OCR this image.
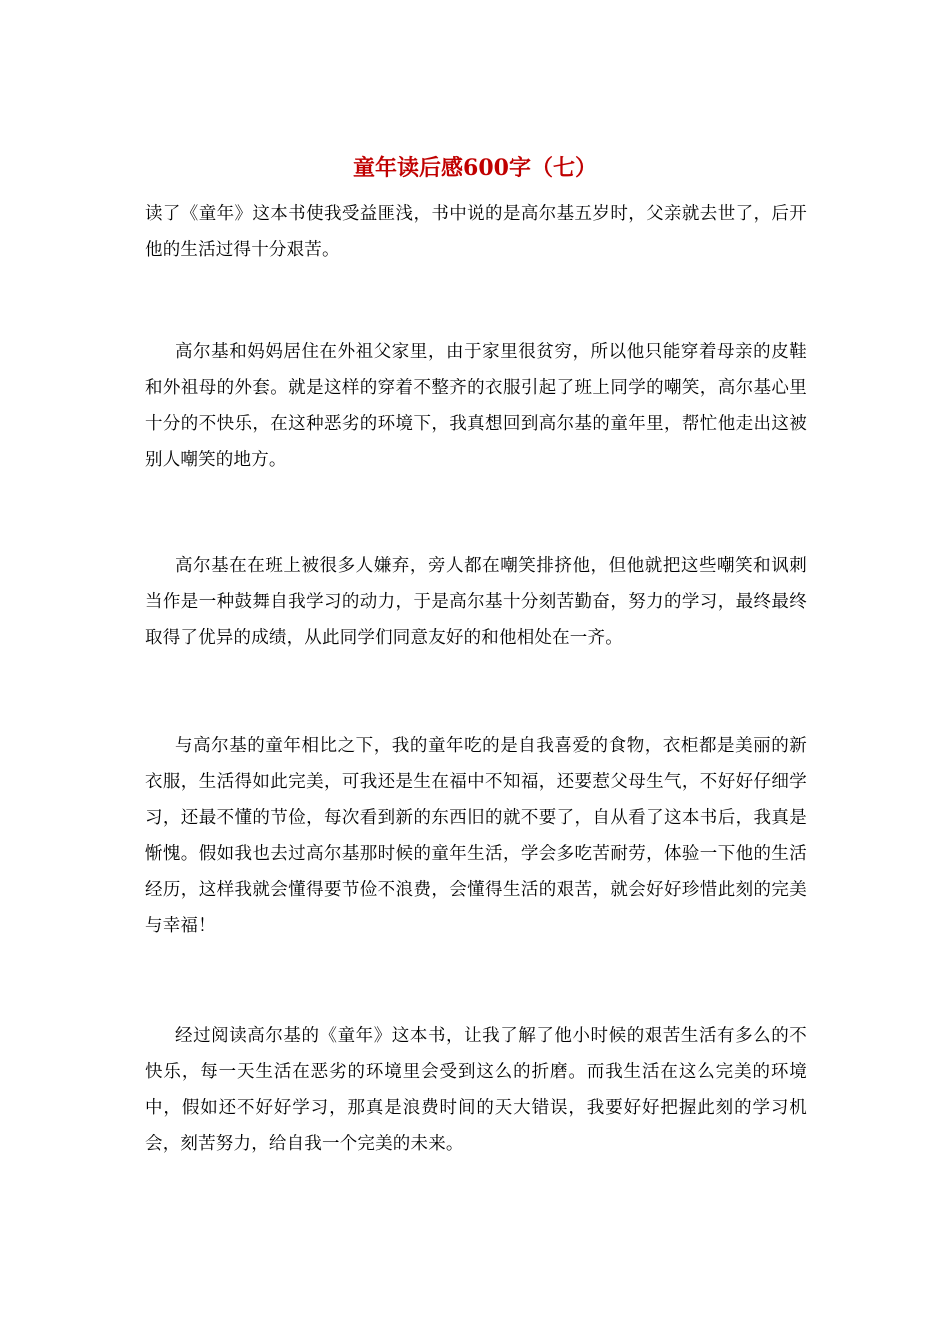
童年读后感600字（七）

读了《童年》这本书使我受益匪浅，书中说的是高尔基五岁时，父亲就去世了，后开他的生活过得十分艰苦。

高尔基和妈妈居住在外祖父家里，由于家里很贫穷，所以他只能穿着母亲的皮鞋和外祖母的外套。就是这样的穿着不整齐的衣服引起了班上同学的嘲笑，高尔基心里十分的不快乐，在这种恶劣的环境下，我真想回到高尔基的童年里，帮忙他走出这被别人嘲笑的地方。

高尔基在在班上被很多人嫌弃，旁人都在嘲笑排挤他，但他就把这些嘲笑和讽刺当作是一种鼓舞自我学习的动力，于是高尔基十分刻苦勤奋，努力的学习，最终最终取得了优异的成绩，从此同学们同意友好的和他相处在一齐。

与高尔基的童年相比之下，我的童年吃的是自我喜爱的食物，衣柜都是美丽的新衣服，生活得如此完美，可我还是生在福中不知福，还要惹父母生气，不好好仔细学习，还最不懂的节俭，每次看到新的东西旧的就不要了，自从看了这本书后，我真是惭愧。假如我也去过高尔基那时候的童年生活，学会多吃苦耐劳，体验一下他的生活经历，这样我就会懂得要节俭不浪费，会懂得生活的艰苦，就会好好珍惜此刻的完美与幸福！

经过阅读高尔基的《童年》这本书，让我了解了他小时候的艰苦生活有多么的不快乐，每一天生活在恶劣的环境里会受到这么的折磨。而我生活在这么完美的环境中，假如还不好好学习，那真是浪费时间的天大错误，我要好好把握此刻的学习机会，刻苦努力，给自我一个完美的未来。
